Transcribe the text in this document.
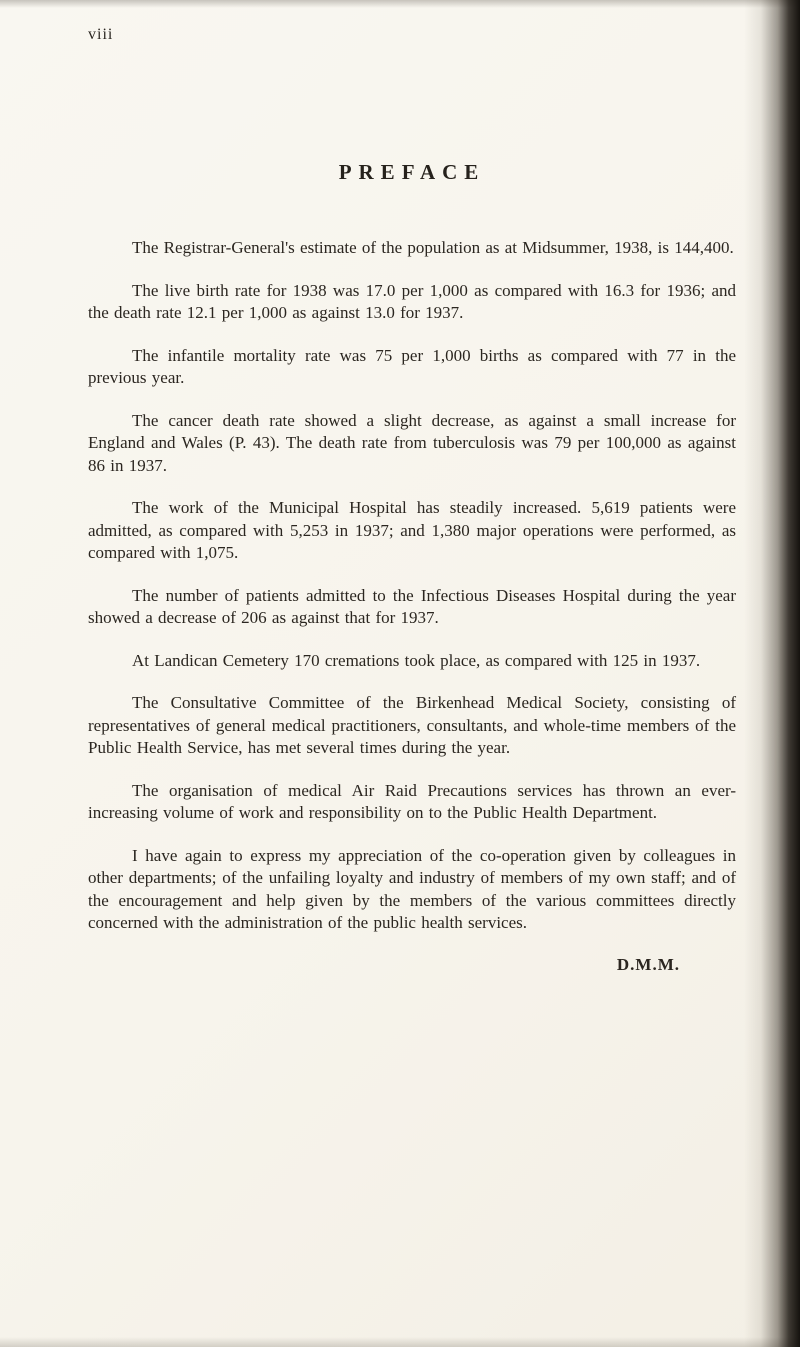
viii
PREFACE

The Registrar-General's estimate of the population as at Midsummer, 1938, is 144,400.

The live birth rate for 1938 was 17.0 per 1,000 as compared with 16.3 for 1936; and the death rate 12.1 per 1,000 as against 13.0 for 1937.

The infantile mortality rate was 75 per 1,000 births as compared with 77 in the previous year.

The cancer death rate showed a slight decrease, as against a small increase for England and Wales (P. 43). The death rate from tuberculosis was 79 per 100,000 as against 86 in 1937.

The work of the Municipal Hospital has steadily increased. 5,619 patients were admitted, as compared with 5,253 in 1937; and 1,380 major operations were performed, as compared with 1,075.

The number of patients admitted to the Infectious Diseases Hospital during the year showed a decrease of 206 as against that for 1937.

At Landican Cemetery 170 cremations took place, as compared with 125 in 1937.

The Consultative Committee of the Birkenhead Medical Society, consisting of representatives of general medical practitioners, consultants, and whole-time members of the Public Health Service, has met several times during the year.

The organisation of medical Air Raid Precautions services has thrown an ever-increasing volume of work and responsibility on to the Public Health Department.

I have again to express my appreciation of the co-operation given by colleagues in other departments; of the unfailing loyalty and industry of members of my own staff; and of the encouragement and help given by the members of the various committees directly concerned with the administration of the public health services.

D.M.M.
